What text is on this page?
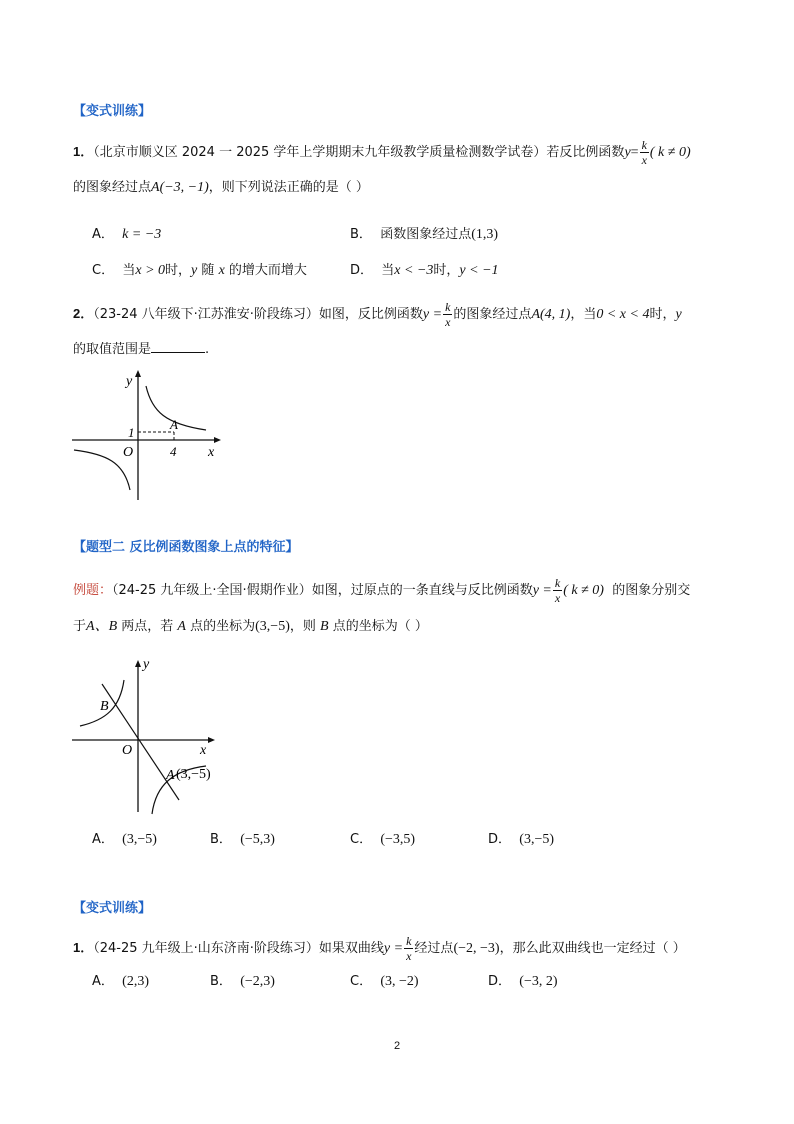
【变式训练】
1．（北京市顺义区 2024 一 2025 学年上学期期末九年级教学质量检测数学试卷）若反比例函数$y= \frac{k}{x}$ ( k ≠ 0)
的图象经过点A(−3, −1)，则下列说法正确的是（ ）
A． k = −3	B． 函数图象经过点(1,3)
C． 当x > 0时，y 随 x 的增大而增大	D． 当x < −3时，y < −1
2．（23-24 八年级下·江苏淮安·阶段练习）如图，反比例函数$y = \frac{k}{x}$ 的图象经过点A(4, 1)，当0 < x < 4时，y
的取值范围是	.
y
x
O
A
1
4
【题型二 反比例函数图象上点的特征】
例题：（24-25 九年级上·全国·假期作业）如图，过原点的一条直线与反比例函数$y = \frac{k}{x}$ ( k ≠ 0) 的图象分别交
于A、B 两点，若 A 点的坐标为(3,−5)，则 B 点的坐标为（ ）
y
x
O
B
A (3,−5)
A． (3,−5)	B． (−5,3)	C． (−3,5)	D． (3,−5)
【变式训练】
1．（24-25 九年级上·山东济南·阶段练习）如果双曲线$y = \frac{k}{x}$ 经过点(−2, −3)，那么此双曲线也一定经过（ ）
A． (2,3)	B． (−2,3)	C． (3, −2)	D． (−3, 2)
2
